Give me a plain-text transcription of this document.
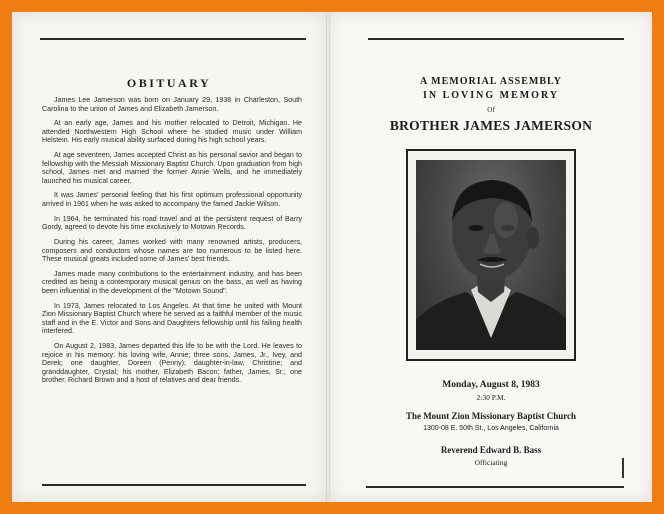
OBITUARY

James Lee Jamerson was born on January 29, 1938 in Charleston, South Carolina to the union of James and Elizabeth Jamerson.

At an early age, James and his mother relocated to Detroit, Michigan. He attended Northwestern High School where he studied music under William Helstein. His early musical ability surfaced during his high school years.

At age seventeen, James accepted Christ as his personal savior and began to fellowship with the Messiah Missionary Baptist Church. Upon graduation from high school, James met and married the former Annie Wells, and he immediately launched his musical career.

It was James' personal feeling that his first optimum professional opportunity arrived in 1961 when he was asked to accompany the famed Jackie Wilson.

In 1964, he terminated his road travel and at the persistent request of Barry Gordy, agreed to devote his time exclusively to Motown Records.

During his career, James worked with many renowned artists, producers, composers and conductors whose names are too numerous to be listed here. These musical greats included some of James' best friends.

James made many contributions to the entertainment industry, and has been credited as being a contemporary musical genius on the bass, as well as having been influential in the development of the "Motown Sound".

In 1973, James relocated to Los Angeles. At that time he united with Mount Zion Missionary Baptist Church where he served as a faithful member of the music staff and in the E. Victor and Sons and Daughters fellowship until his failing health interfered.

On August 2, 1983, James departed this life to be with the Lord. He leaves to rejoice in his memory: his loving wife, Annie; three sons, James, Jr., Ivey, and Derek; one daughter, Doreen (Penny); daughter-in-law, Christine; and granddaughter, Crystal; his mother, Elizabeth Bacon; father, James, Sr.; one brother, Richard Brown and a host of relatives and dear friends.

A MEMORIAL ASSEMBLY
IN LOVING MEMORY
Of
BROTHER JAMES JAMERSON
Monday, August 8, 1983
2:30 P.M.
The Mount Zion Missionary Baptist Church
1300-08 E. 50th St., Los Angeles, California
Reverend Edward B. Bass
Officiating
